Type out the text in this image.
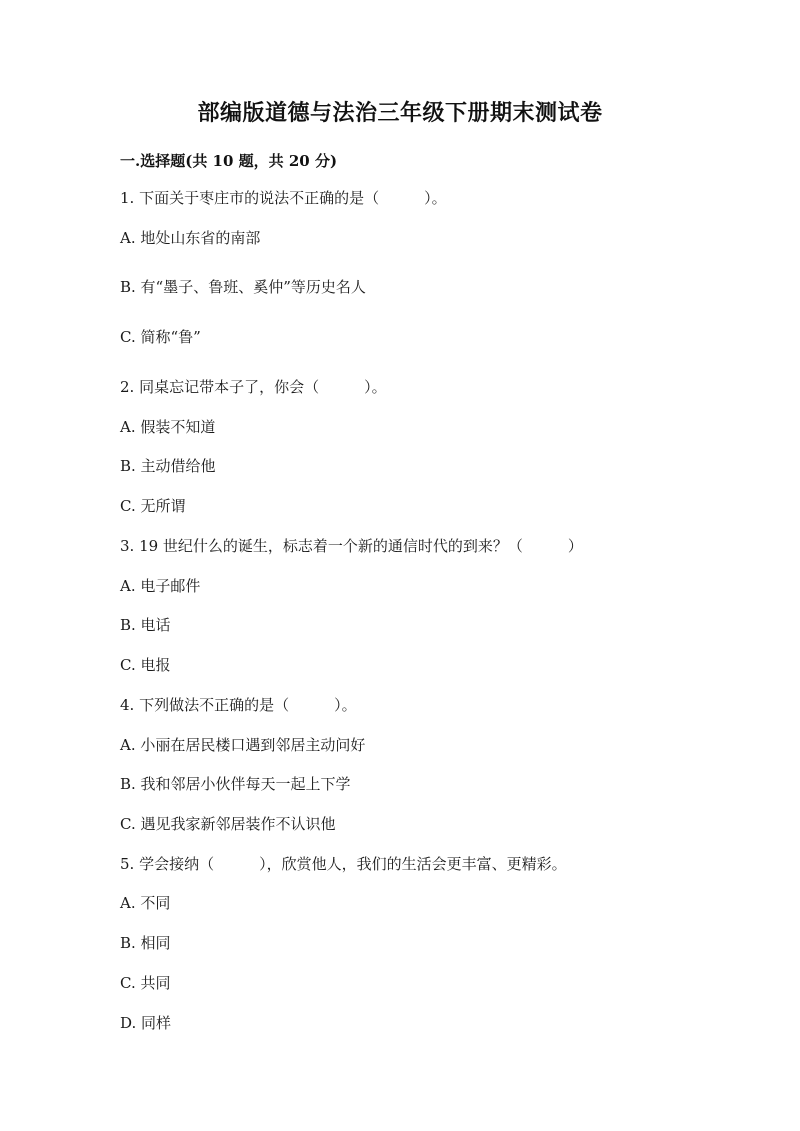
部编版道德与法治三年级下册期末测试卷
一.选择题(共 10 题，共 20 分)
1. 下面关于枣庄市的说法不正确的是（　　　）。
A. 地处山东省的南部
B. 有“墨子、鲁班、奚仲”等历史名人
C. 简称“鲁”
2. 同桌忘记带本子了，你会（　　　）。
A. 假装不知道
B. 主动借给他
C. 无所谓
3. 19 世纪什么的诞生，标志着一个新的通信时代的到来？（　　　）
A. 电子邮件
B. 电话
C. 电报
4. 下列做法不正确的是（　　　）。
A. 小丽在居民楼口遇到邻居主动问好
B. 我和邻居小伙伴每天一起上下学
C. 遇见我家新邻居装作不认识他
5. 学会接纳（　　　），欣赏他人，我们的生活会更丰富、更精彩。
A. 不同
B. 相同
C. 共同
D. 同样
